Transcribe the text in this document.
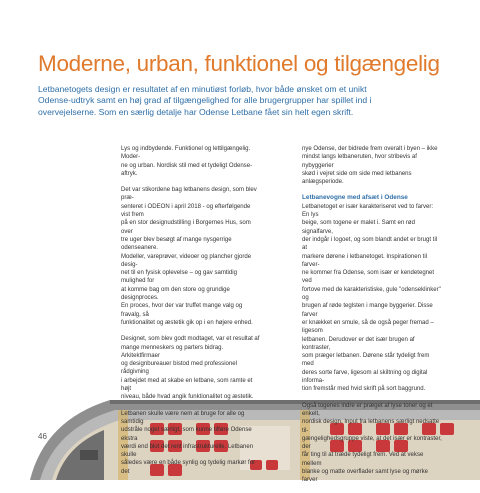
Moderne, urban, funktionel og tilgængelig

Letbanetogets design er resultatet af en minutiøst forløb, hvor både ønsket om et unikt

Odense-udtryk samt en høj grad af tilgængelighed for alle brugergrupper har spillet ind i

overvejelserne. Som en særlig detalje har Odense Letbane fået sin helt egen skrift.

Lys og indbydende. Funktionel og lettilgængelig. Moder-
ne og urban. Nordisk stil med et tydeligt Odense-aftryk.

Det var stikordene bag letbanens design, som blev præ-
senteret i ODEON i april 2018 - og efterfølgende vist frem
på en stor designudstilling i Borgernes Hus, som over
tre uger blev besøgt af mange nysgerrige odenseanere.
Modeller, vareprøver, videoer og plancher gjorde desig-
net til en fysisk oplevelse – og gav samtidig mulighed for
at komme bag om den store og grundige designproces.
En proces, hvor der var truffet mange valg og fravalg, så
funktionalitet og æstetik gik op i en højere enhed.

Designet, som blev godt modtaget, var et resultat af
mange menneskers og parters bidrag. Arkitektfirmaer
og designbureauer bistod med professionel rådgivning
i arbejdet med at skabe en letbane, som ramte et højt
niveau, både hvad angik funktionalitet og æstetik.

Letbanen skulle være nem at bruge for alle og samtidig
udstråle noget særligt, som kunne tilføre Odense ekstra
værdi end blot det rent infrastrukturelle. Letbanen skulle
således være en både synlig og tydelig markør for det

nye Odense, der bidrede frem overalt i byen – ikke
mindst langs letbaneruten, hvor stribevis af nybyggerier
skød i vejret side om side med letbanens anlægsperiode.

Letbanevogne med afsæt i Odense

Letbanetoget er især karakteriseret ved to farver: En lys
beige, som togene er malet i. Samt en rød signalfarve,
der indgår i logoet, og som blandt andet er brugt til at
markere dørene i letbanetoget. Inspirationen til farver-
ne kommer fra Odense, som især er kendetegnet ved
fortove med de karakteristiske, gule "odenseklinker" og
brugen af røde teglsten i mange byggerier. Disse farver
er knækket en smule, så de også peger fremad – ligesom
letbanen. Derudover er det især brugen af kontraster,
som præger letbanen. Dørene står tydeligt frem med
deres sorte farve, ligesom al skiltning og digital informa-
tion fremstår med hvid skrift på sort baggrund.

Også togenes indre er præget af lyse toner og et enkelt,
nordisk design. Input fra letbanens særligt nedsatte til-
gængelighedsgruppe viste, at det især er kontraster, der
får ting til at træde tydeligt frem. Ved at vekse mellem
blanke og matte overflader samt lyse og mørke farver

46
